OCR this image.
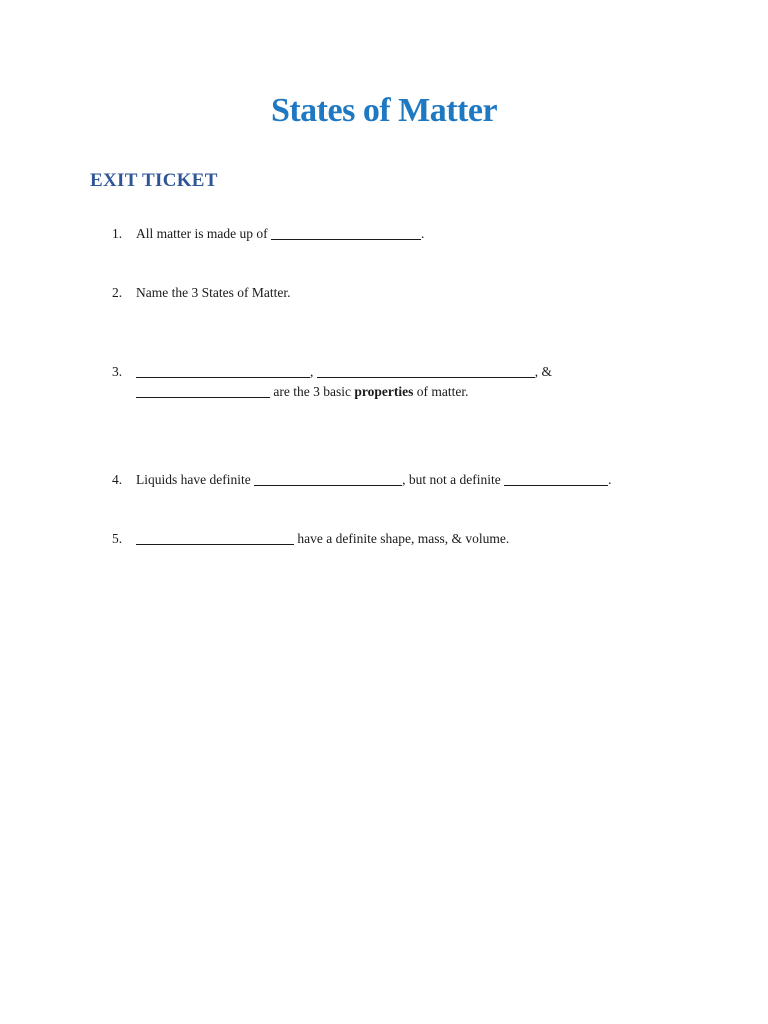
States of Matter
EXIT TICKET
1. All matter is made up of	.
2. Name the 3 States of Matter.
3.	,	, &
are the 3 basic properties of matter.
4. Liquids have definite	, but not a definite	.
5.	have a definite shape, mass, & volume.
